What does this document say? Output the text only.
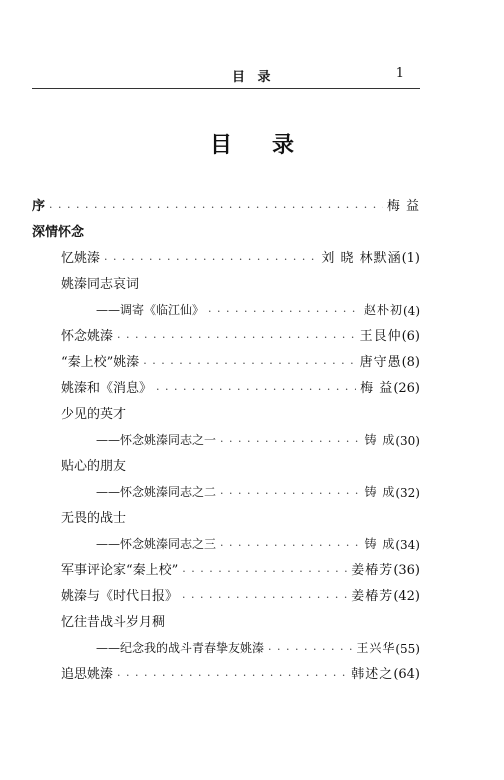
目 录	1
目录
序 · · ·	梅 益
深情怀念
忆姚溱 · · ·	刘 晓 林默涵 (1)
姚溱同志哀词
——调寄《临江仙》 · · ·	赵朴初 (4)
怀念姚溱 · · ·	王艮仲 (6)
“秦上校”姚溱 · · ·	唐守愚 (8)
姚溱和《消息》 · · ·	梅 益 (26)
少见的英才
——怀念姚溱同志之一 · · ·	铸 成 (30)
贴心的朋友
——怀念姚溱同志之二 · · ·	铸 成 (32)
无畏的战士
——怀念姚溱同志之三 · · ·	铸 成 (34)
军事评论家“秦上校” · · ·	姜椿芳 (36)
姚溱与《时代日报》 · · ·	姜椿芳 (42)
忆往昔战斗岁月稠
——纪念我的战斗青春挚友姚溱 · · ·	王兴华 (55)
追思姚溱 · · ·	韩述之 (64)
